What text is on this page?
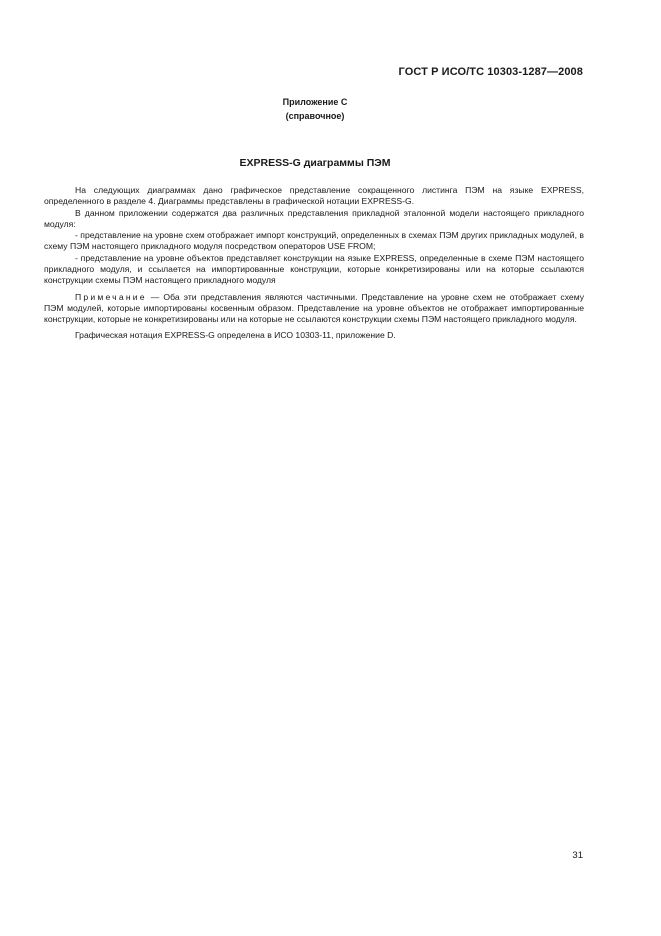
ГОСТ Р ИСО/ТС 10303-1287—2008
Приложение С
(справочное)
EXPRESS-G диаграммы ПЭМ

На следующих диаграммах дано графическое представление сокращенного листинга ПЭМ на языке EXPRESS, определенного в разделе 4. Диаграммы представлены в графической нотации EXPRESS-G.

В данном приложении содержатся два различных представления прикладной эталонной модели настоящего прикладного модуля:

- представление на уровне схем отображает импорт конструкций, определенных в схемах ПЭМ других прикладных модулей, в схему ПЭМ настоящего прикладного модуля посредством операторов USE FROM;

- представление на уровне объектов представляет конструкции на языке EXPRESS, определенные в схеме ПЭМ настоящего прикладного модуля, и ссылается на импортированные конструкции, которые конкретизированы или на которые ссылаются конструкции схемы ПЭМ настоящего прикладного модуля

Примечание — Оба эти представления являются частичными. Представление на уровне схем не отображает схему ПЭМ модулей, которые импортированы косвенным образом. Представление на уровне объектов не отображает импортированные конструкции, которые не конкретизированы или на которые не ссылаются конструкции схемы ПЭМ настоящего прикладного модуля.

Графическая нотация EXPRESS-G определена в ИСО 10303-11, приложение D.

31
